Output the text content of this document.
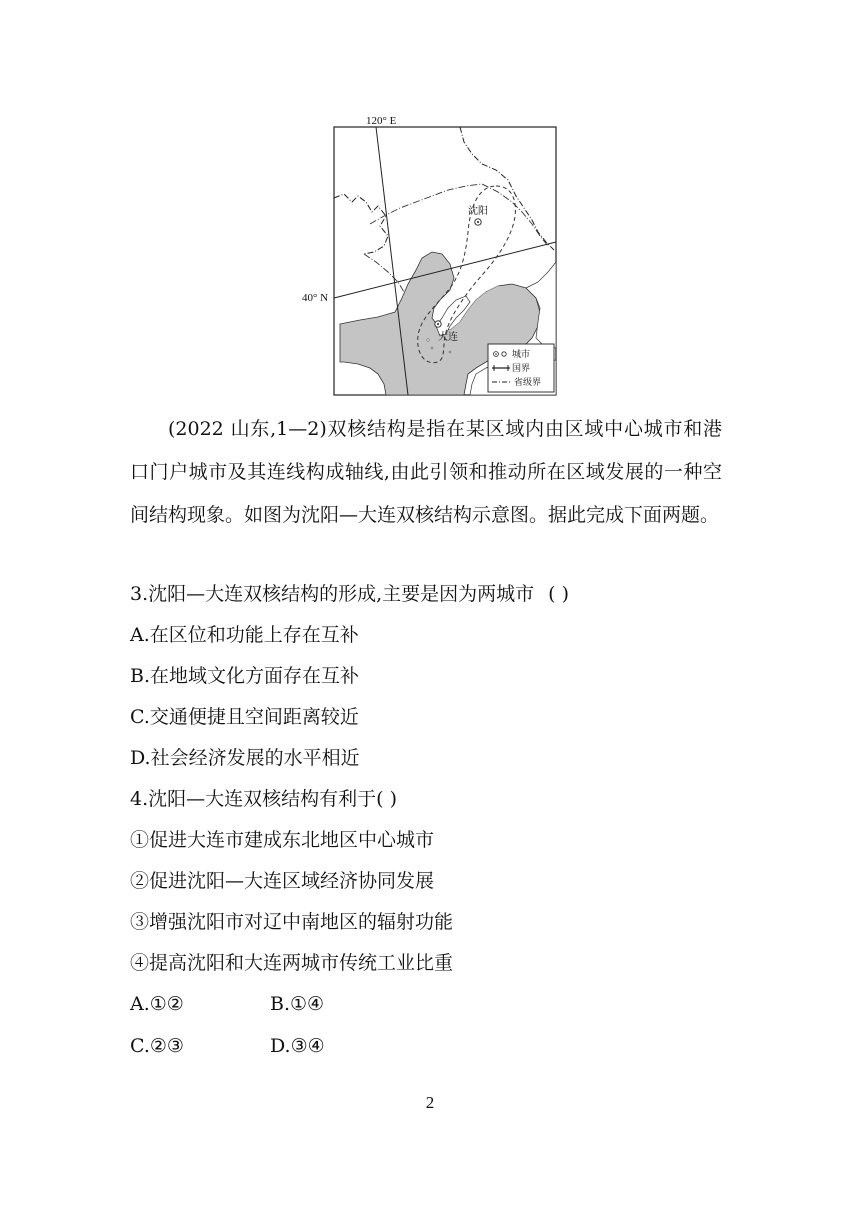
沈阳
大连
城市
国界
省级界
120° E
40° N

(2022 山东,1—2)双核结构是指在某区域内由区域中心城市和港口门户城市及其连线构成轴线,由此引领和推动所在区域发展的一种空间结构现象。如图为沈阳—大连双核结构示意图。据此完成下面两题。

3.沈阳—大连双核结构的形成,主要是因为两城市 ( )

A.在区位和功能上存在互补

B.在地域文化方面存在互补

C.交通便捷且空间距离较近

D.社会经济发展的水平相近

4.沈阳—大连双核结构有利于( )

①促进大连市建成东北地区中心城市

②促进沈阳—大连区域经济协同发展

③增强沈阳市对辽中南地区的辐射功能

④提高沈阳和大连两城市传统工业比重

A.①②	B.①④
C.②③	D.③④
2
